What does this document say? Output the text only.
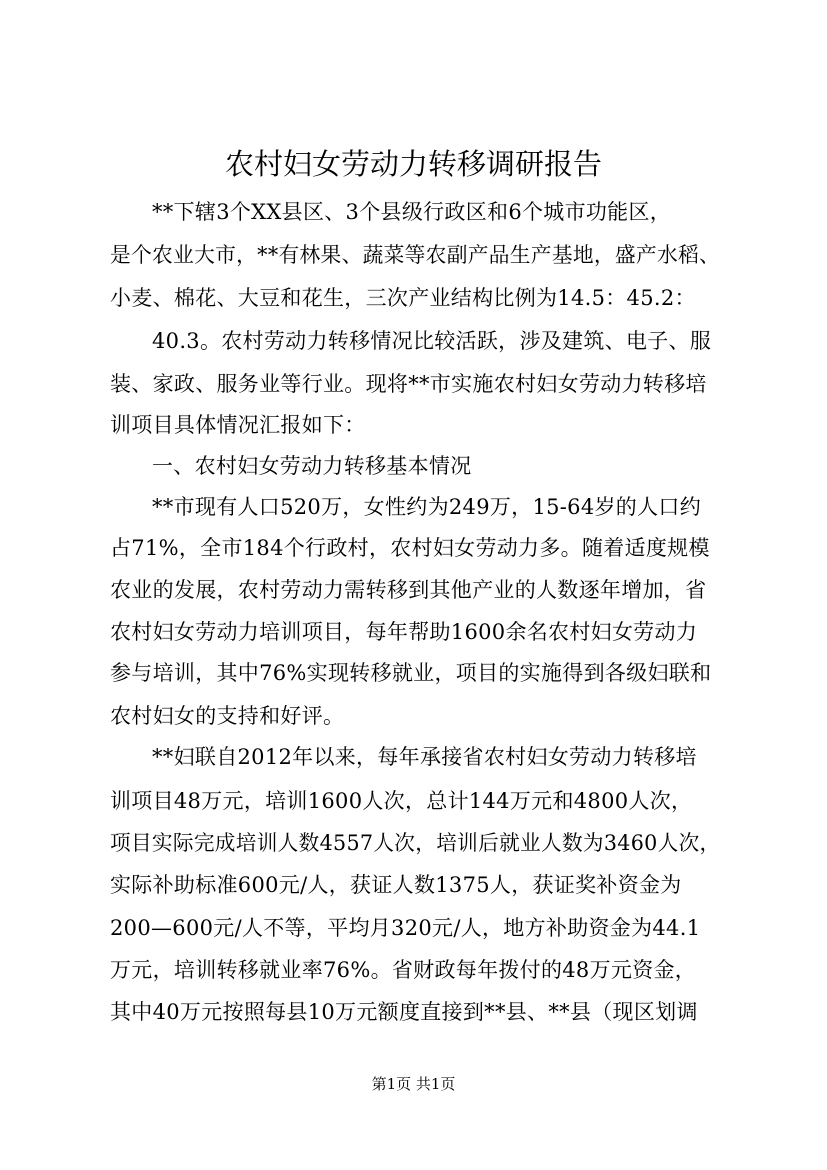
农村妇女劳动力转移调研报告
**下辖3个XX县区、3个县级行政区和6个城市功能区，
是个农业大市，**有林果、蔬菜等农副产品生产基地，盛产水稻、
小麦、棉花、大豆和花生，三次产业结构比例为14.5：45.2：
40.3。农村劳动力转移情况比较活跃，涉及建筑、电子、服
装、家政、服务业等行业。现将**市实施农村妇女劳动力转移培
训项目具体情况汇报如下：
一、农村妇女劳动力转移基本情况
**市现有人口520万，女性约为249万，15-64岁的人口约
占71%，全市184个行政村，农村妇女劳动力多。随着适度规模
农业的发展，农村劳动力需转移到其他产业的人数逐年增加，省
农村妇女劳动力培训项目，每年帮助1600余名农村妇女劳动力
参与培训，其中76%实现转移就业，项目的实施得到各级妇联和
农村妇女的支持和好评。
**妇联自2012年以来，每年承接省农村妇女劳动力转移培
训项目48万元，培训1600人次，总计144万元和4800人次，
项目实际完成培训人数4557人次，培训后就业人数为3460人次，
实际补助标准600元/人，获证人数1375人，获证奖补资金为
200—600元/人不等，平均月320元/人，地方补助资金为44.1
万元，培训转移就业率76%。省财政每年拨付的48万元资金，
其中40万元按照每县10万元额度直接到**县、**县（现区划调
第1页 共1页
